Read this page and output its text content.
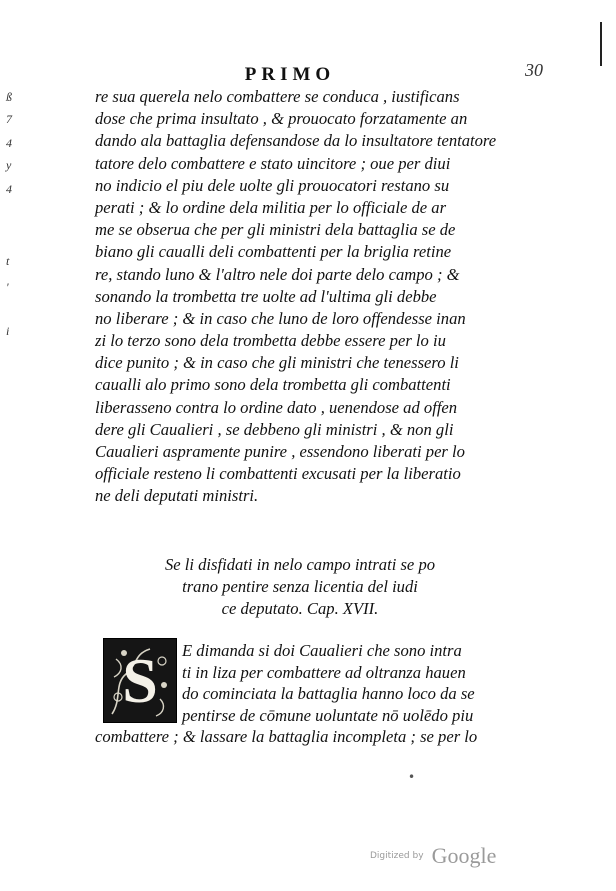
PRIMO	30
ß
7
4
y
4
t
'
i
re sua querela nelo combattere se conduca , iustificans
dose che prima insultato , & prouocato forzatamente an
dando ala battaglia defensandose da lo insultatore tentatore
tatore delo combattere e stato uincitore ; oue per diui
no indicio el piu dele uolte gli prouocatori restano su
perati ; & lo ordine dela militia per lo officiale de ar
me se obserua che per gli ministri dela battaglia se de
biano gli caualli deli combattenti per la briglia retine
re, stando luno & l'altro nele doi parte delo campo ; &
sonando la trombetta tre uolte ad l'ultima gli debbe
no liberare ; & in caso che luno de loro offendesse inan
zi lo terzo sono dela trombetta debbe essere per lo iu
dice punito ; & in caso che gli ministri che tenessero li
caualli alo primo sono dela trombetta gli combattenti
liberasseno contra lo ordine dato , uenendose ad offen
dere gli Caualieri , se debbeno gli ministri , & non gli
Caualieri aspramente punire , essendono liberati per lo
officiale resteno li combattenti excusati per la liberatio
ne deli deputati ministri.
Se li disfidati in nelo campo intrati se po
trano pentire senza licentia del iudi
ce deputato. Cap. XVII.
S	E dimanda si doi Caualieri che sono intra
ti in liza per combattere ad oltranza hauen
do cominciata la battaglia hanno loco da se
pentirse de cōmune uoluntate nō uolēdo piu
combattere ; & lassare la battaglia incompleta ; se per lo
•
Digitized by Google
